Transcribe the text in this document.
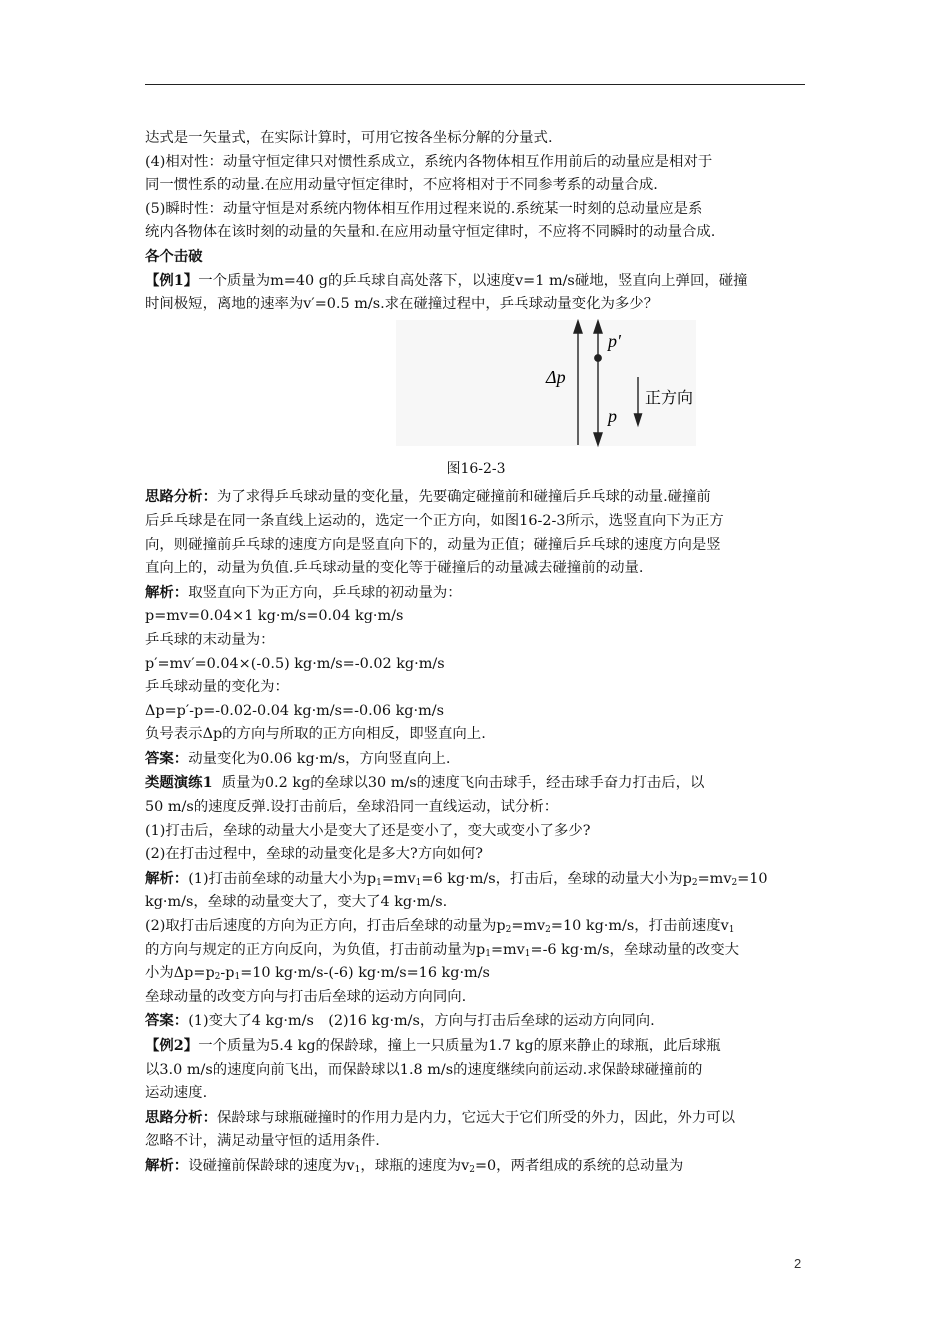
达式是一矢量式，在实际计算时，可用它按各坐标分解的分量式.

(4)相对性：动量守恒定律只对惯性系成立，系统内各物体相互作用前后的动量应是相对于

同一惯性系的动量.在应用动量守恒定律时，不应将相对于不同参考系的动量合成.

(5)瞬时性：动量守恒是对系统内物体相互作用过程来说的.系统某一时刻的总动量应是系

统内各物体在该时刻的动量的矢量和.在应用动量守恒定律时，不应将不同瞬时的动量合成.

各个击破

【例1】一个质量为m=40 g的乒乓球自高处落下，以速度v=1 m/s碰地，竖直向上弹回，碰撞

时间极短，离地的速率为v′=0.5 m/s.求在碰撞过程中，乒乓球动量变化为多少？

Δp
p′
p
正方向

图16-2-3

思路分析：为了求得乒乓球动量的变化量，先要确定碰撞前和碰撞后乒乓球的动量.碰撞前

后乒乓球是在同一条直线上运动的，选定一个正方向，如图16-2-3所示，选竖直向下为正方

向，则碰撞前乒乓球的速度方向是竖直向下的，动量为正值；碰撞后乒乓球的速度方向是竖

直向上的，动量为负值.乒乓球动量的变化等于碰撞后的动量减去碰撞前的动量.

解析：取竖直向下为正方向，乒乓球的初动量为：

p=mv=0.04×1 kg·m/s=0.04 kg·m/s

乒乓球的末动量为：

p′=mv′=0.04×(-0.5) kg·m/s=-0.02 kg·m/s

乒乓球动量的变化为：

Δp=p′-p=-0.02-0.04 kg·m/s=-0.06 kg·m/s

负号表示Δp的方向与所取的正方向相反，即竖直向上.

答案：动量变化为0.06 kg·m/s，方向竖直向上.

类题演练1 质量为0.2 kg的垒球以30 m/s的速度飞向击球手，经击球手奋力打击后，以

50 m/s的速度反弹.设打击前后，垒球沿同一直线运动，试分析：

(1)打击后，垒球的动量大小是变大了还是变小了，变大或变小了多少?

(2)在打击过程中，垒球的动量变化是多大?方向如何?

解析：(1)打击前垒球的动量大小为$p_1=mv_1=6$ kg·m/s，打击后，垒球的动量大小为$p_2=mv_2=10$

kg·m/s，垒球的动量变大了，变大了4 kg·m/s.

(2)取打击后速度的方向为正方向，打击后垒球的动量为$p_2=mv_2=10$ kg·m/s，打击前速度$v_1$

的方向与规定的正方向反向，为负值，打击前动量为$p_1=mv_1=-6$ kg·m/s，垒球动量的改变大

小为$\Delta p=p_2-p_1=10$ kg·m/s-(-6) kg·m/s=16 kg·m/s

垒球动量的改变方向与打击后垒球的运动方向同向.

答案：(1)变大了4 kg·m/s　(2)16 kg·m/s，方向与打击后垒球的运动方向同向.

【例2】一个质量为5.4 kg的保龄球，撞上一只质量为1.7 kg的原来静止的球瓶，此后球瓶

以3.0 m/s的速度向前飞出，而保龄球以1.8 m/s的速度继续向前运动.求保龄球碰撞前的

运动速度.

思路分析：保龄球与球瓶碰撞时的作用力是内力，它远大于它们所受的外力，因此，外力可以

忽略不计，满足动量守恒的适用条件.

解析：设碰撞前保龄球的速度为$v_1$，球瓶的速度为$v_2=0$，两者组成的系统的总动量为

2
